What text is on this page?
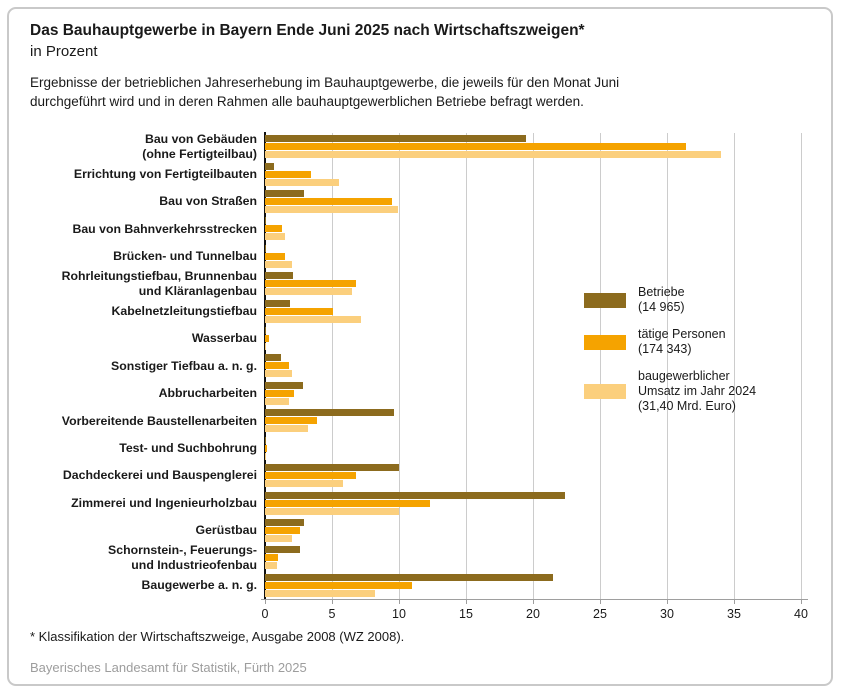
Das Bauhauptgewerbe in Bayern Ende Juni 2025 nach Wirtschaftszweigen*
in Prozent
Ergebnisse der betrieblichen Jahreserhebung im Bauhauptgewerbe, die jeweils für den Monat Juni
durchgeführt wird und in deren Rahmen alle bauhauptgewerblichen Betriebe befragt werden.
Bau von Gebäuden
(ohne Fertigteilbau)
Errichtung von Fertigteilbauten
Bau von Straßen
Bau von Bahnverkehrsstrecken
Brücken- und Tunnelbau
Rohrleitungstiefbau, Brunnenbau
und Kläranlagenbau
Kabelnetzleitungstiefbau
Wasserbau
Sonstiger Tiefbau a. n. g.
Abbrucharbeiten
Vorbereitende Baustellenarbeiten
Test- und Suchbohrung
Dachdeckerei und Bauspenglerei
Zimmerei und Ingenieurholzbau
Gerüstbau
Schornstein-, Feuerungs-
und Industrieofenbau
Baugewerbe a. n. g.
0	5	10	15	20	25	30	35	40
Betriebe
(14 965)
tätige Personen
(174 343)
baugewerblicher
Umsatz im Jahr 2024
(31,40 Mrd. Euro)
* Klassifikation der Wirtschaftszweige, Ausgabe 2008 (WZ 2008).
Bayerisches Landesamt für Statistik, Fürth 2025
